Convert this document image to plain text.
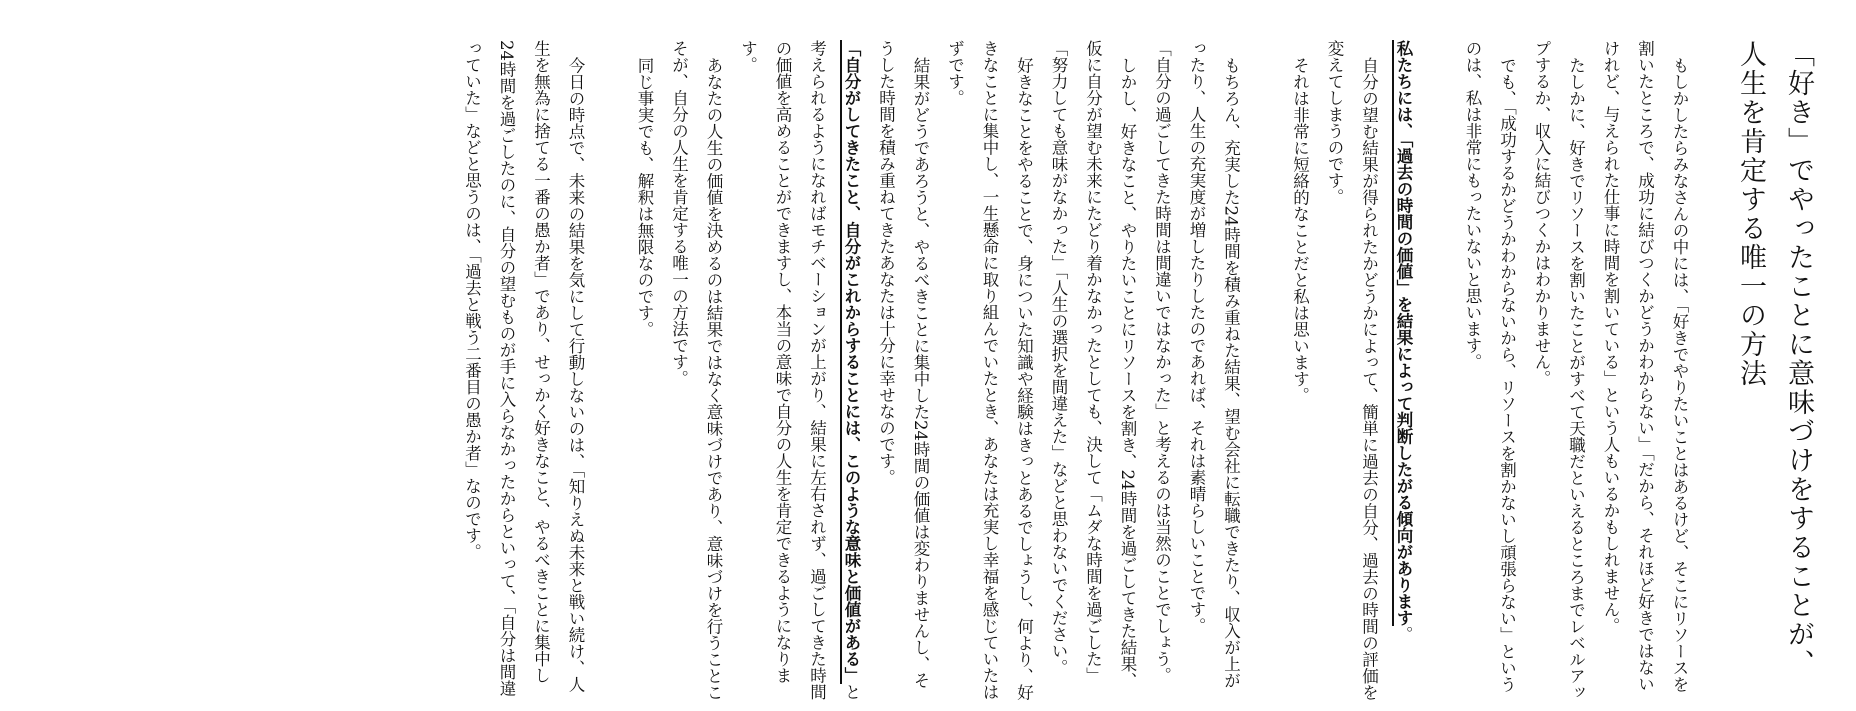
「好き」でやったことに意味づけをすることが、
人生を肯定する唯一の方法
もしかしたらみなさんの中には、「好きでやりたいことはあるけど、そこにリソースを割いたところで、成功に結びつくかどうかわからない」「だから、それほど好きではないけれど、与えられた仕事に時間を割いている」という人もいるかもしれません。
たしかに、好きでリソースを割いたことがすべて天職だといえるところまでレベルアップするか、収入に結びつくかはわかりません。
でも、「成功するかどうかわからないから、リソースを割かないし頑張らない」というのは、私は非常にもったいないと思います。

私たちには、「過去の時間の価値」を結果によって判断したがる傾向があります。
自分の望む結果が得られたかどうかによって、簡単に過去の自分、過去の時間の評価を変えてしまうのです。
それは非常に短絡的なことだと私は思います。

もちろん、充実した24時間を積み重ねた結果、望む会社に転職できたり、収入が上がったり、人生の充実度が増したりしたのであれば、それは素晴らしいことです。
「自分の過ごしてきた時間は間違いではなかった」と考えるのは当然のことでしょう。
しかし、好きなこと、やりたいことにリソースを割き、24時間を過ごしてきた結果、仮に自分が望む未来にたどり着かなかったとしても、決して「ムダな時間を過ごした」「努力しても意味がなかった」「人生の選択を間違えた」などと思わないでください。
好きなことをやることで、身についた知識や経験はきっとあるでしょうし、何より、好きなことに集中し、一生懸命に取り組んでいたとき、あなたは充実し幸福を感じていたはずです。
結果がどうであろうと、やるべきことに集中した24時間の価値は変わりませんし、そうした時間を積み重ねてきたあなたは十分に幸せなのです。
「自分がしてきたこと、自分がこれからすることには、このような意味と価値がある」と考えられるようになればモチベーションが上がり、結果に左右されず、過ごしてきた時間の価値を高めることができますし、本当の意味で自分の人生を肯定できるようになります。
あなたの人生の価値を決めるのは結果ではなく意味づけであり、意味づけを行うことこそが、自分の人生を肯定する唯一の方法です。
同じ事実でも、解釈は無限なのです。

今日の時点で、未来の結果を気にして行動しないのは、「知りえぬ未来と戦い続け、人生を無為に捨てる一番の愚か者」であり、せっかく好きなこと、やるべきことに集中し24時間を過ごしたのに、自分の望むものが手に入らなかったからといって、「自分は間違っていた」などと思うのは、「過去と戦う二番目の愚か者」なのです。
